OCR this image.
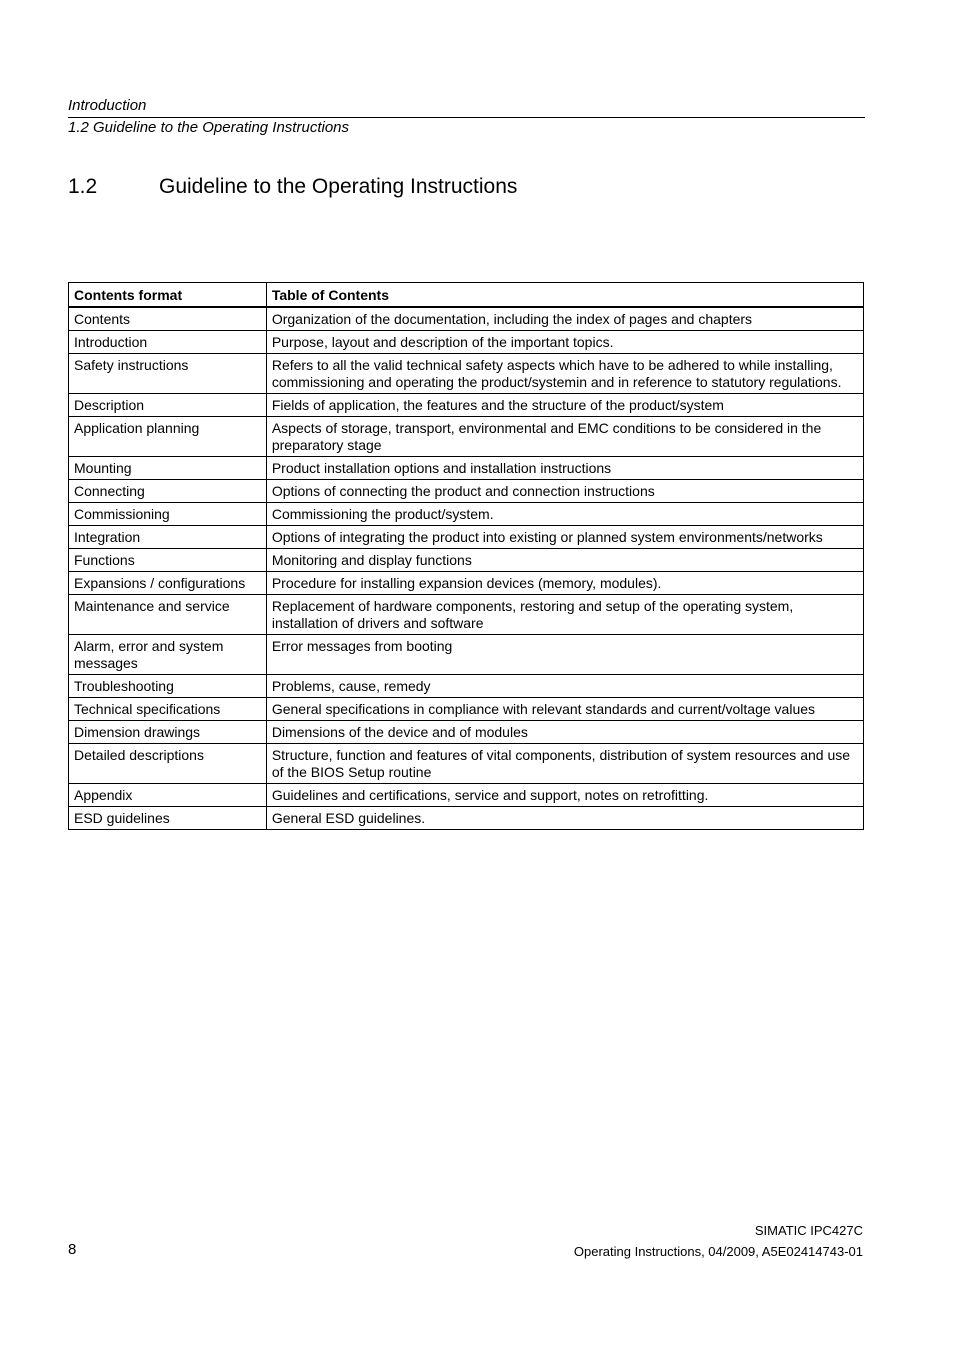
Introduction
1.2 Guideline to the Operating Instructions
1.2	Guideline to the Operating Instructions
Contents format	Table of Contents
Contents	Organization of the documentation, including the index of pages and chapters
Introduction	Purpose, layout and description of the important topics.
Safety instructions	Refers to all the valid technical safety aspects which have to be adhered to while installing, commissioning and operating the product/systemin and in reference to statutory regulations.
Description	Fields of application, the features and the structure of the product/system
Application planning	Aspects of storage, transport, environmental and EMC conditions to be considered in the preparatory stage
Mounting	Product installation options and installation instructions
Connecting	Options of connecting the product and connection instructions
Commissioning	Commissioning the product/system.
Integration	Options of integrating the product into existing or planned system environments/networks
Functions	Monitoring and display functions
Expansions / configurations	Procedure for installing expansion devices (memory, modules).
Maintenance and service	Replacement of hardware components, restoring and setup of the operating system, installation of drivers and software
Alarm, error and system messages	Error messages from booting
Troubleshooting	Problems, cause, remedy
Technical specifications	General specifications in compliance with relevant standards and current/voltage values
Dimension drawings	Dimensions of the device and of modules
Detailed descriptions	Structure, function and features of vital components, distribution of system resources and use of the BIOS Setup routine
Appendix	Guidelines and certifications, service and support, notes on retrofitting.
ESD guidelines	General ESD guidelines.
SIMATIC IPC427C
Operating Instructions, 04/2009, A5E02414743-01
8
